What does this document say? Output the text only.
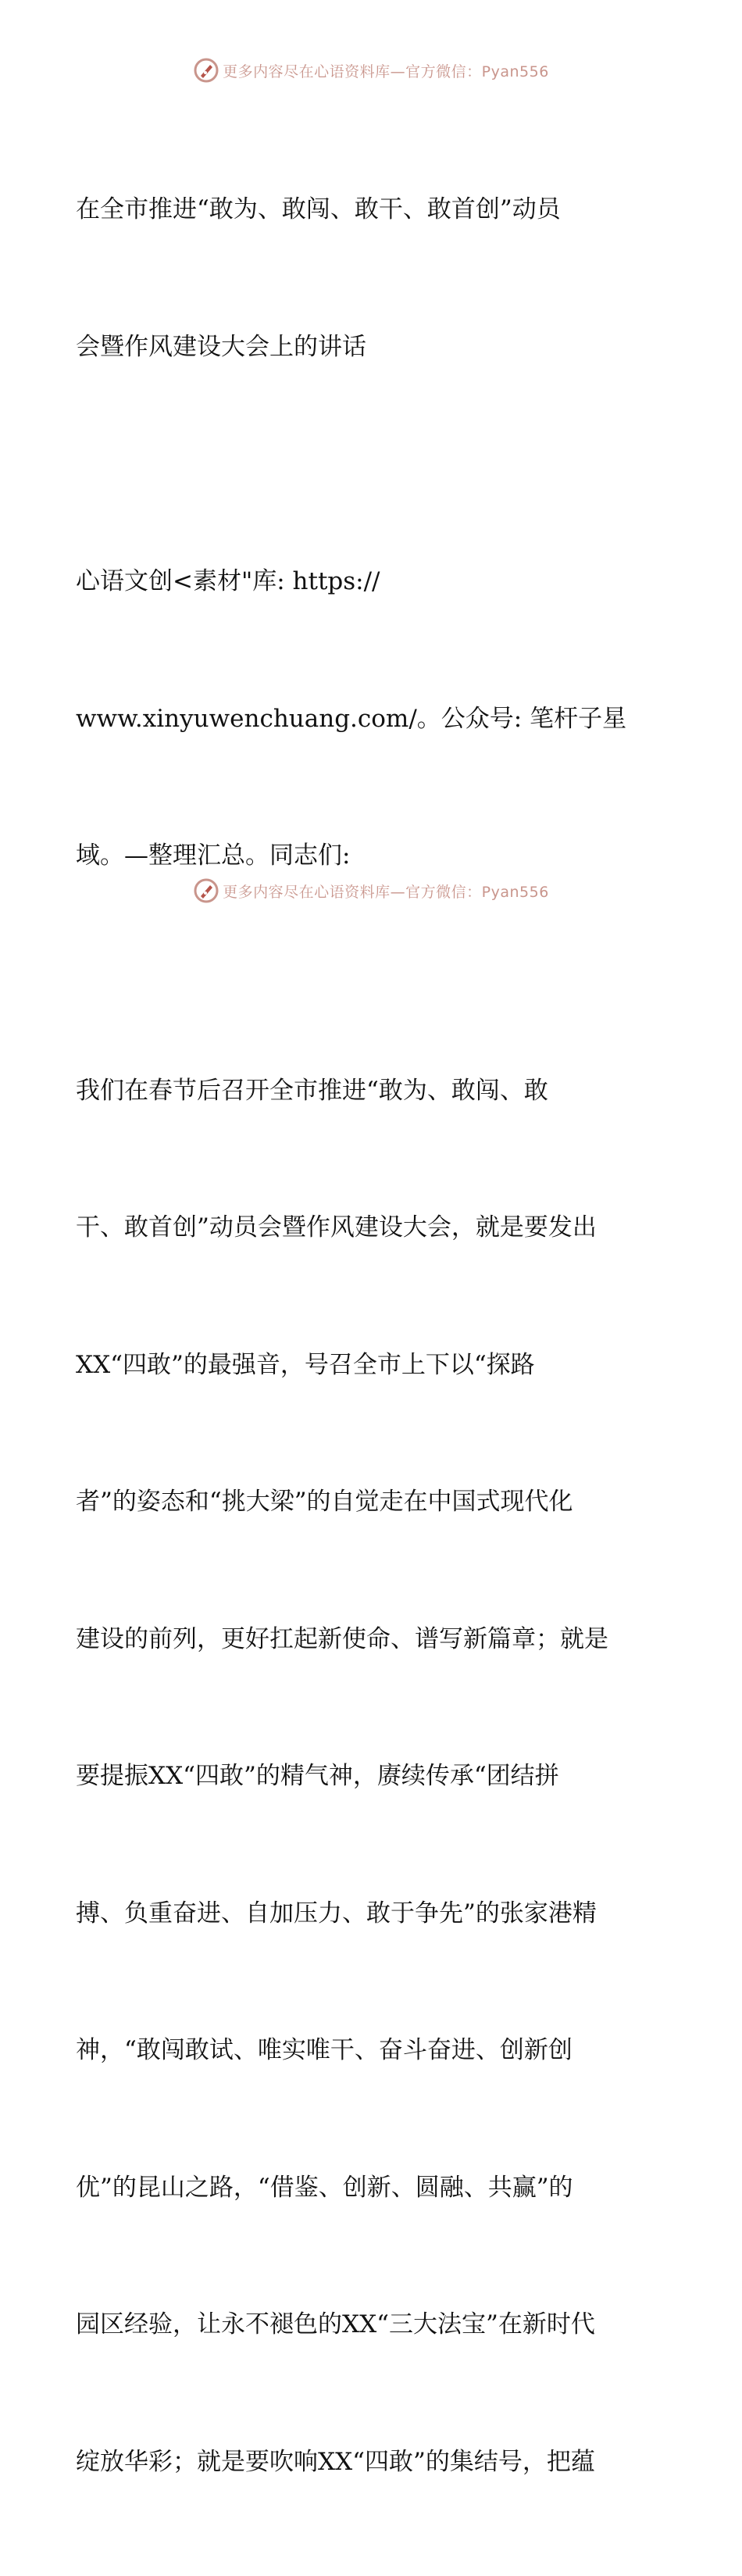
更多内容尽在心语资料库—官方微信：Pyan556

在全市推进“敢为、敢闯、敢干、敢首创”动员

会暨作风建设大会上的讲话

心语文创<素材"库: https://

www.xinyuwenchuang.com/。公众号: 笔杆子星

域。—整理汇总。同志们:

我们在春节后召开全市推进“敢为、敢闯、敢

干、敢首创”动员会暨作风建设大会，就是要发出

XX“四敢”的最强音，号召全市上下以“探路

者”的姿态和“挑大梁”的自觉走在中国式现代化

建设的前列，更好扛起新使命、谱写新篇章；就是

要提振XX“四敢”的精气神，赓续传承“团结拼

搏、负重奋进、自加压力、敢于争先”的张家港精

神，“敢闯敢试、唯实唯干、奋斗奋进、创新创

优”的昆山之路，“借鉴、创新、圆融、共赢”的

园区经验，让永不褪色的XX“三大法宝”在新时代

绽放华彩；就是要吹响XX“四敢”的集结号，把蕴

更多内容尽在心语资料库—官方微信：Pyan556
